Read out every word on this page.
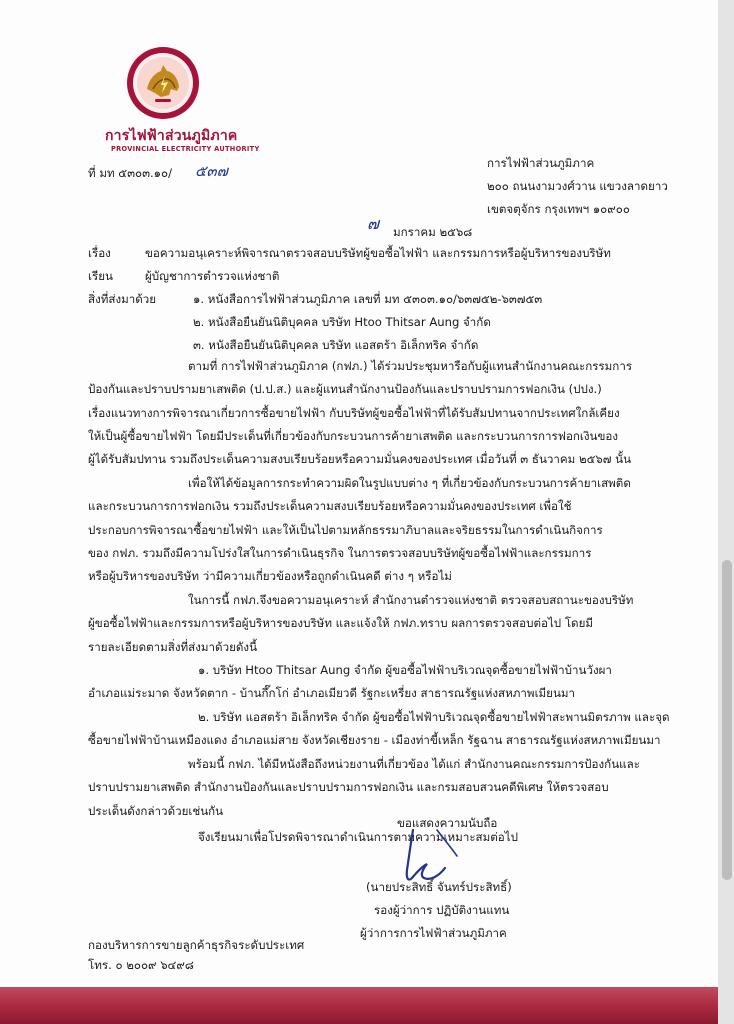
การไฟฟ้าส่วนภูมิภาค
PROVINCIAL ELECTRICITY AUTHORITY
ที่ มท ๕๓๐๓.๑๐/ ๕๓๗	การไฟฟ้าส่วนภูมิภาค
๒๐๐ ถนนงามวงศ์วาน แขวงลาดยาว
เขตจตุจักร กรุงเทพฯ ๑๐๙๐๐
๗ มกราคม ๒๕๖๘
เรื่อง	ขอความอนุเคราะห์พิจารณาตรวจสอบบริษัทผู้ขอซื้อไฟฟ้า และกรรมการหรือผู้บริหารของบริษัท
เรียน	ผู้บัญชาการตำรวจแห่งชาติ
สิ่งที่ส่งมาด้วย	๑. หนังสือการไฟฟ้าส่วนภูมิภาค เลขที่ มท ๕๓๐๓.๑๐/๖๓๗๕๒-๖๓๗๕๓
๒. หนังสือยืนยันนิติบุคคล บริษัท Htoo Thitsar Aung จำกัด
๓. หนังสือยืนยันนิติบุคคล บริษัท แอสตร้า อิเล็กทริค จำกัด
ตามที่ การไฟฟ้าส่วนภูมิภาค (กฟภ.) ได้ร่วมประชุมหารือกับผู้แทนสำนักงานคณะกรรมการ
ป้องกันและปราบปรามยาเสพติด (ป.ป.ส.) และผู้แทนสำนักงานป้องกันและปราบปรามการฟอกเงิน (ปปง.)
เรื่องแนวทางการพิจารณาเกี่ยวการซื้อขายไฟฟ้า กับบริษัทผู้ขอซื้อไฟฟ้าที่ได้รับสัมปทานจากประเทศใกล้เคียง
ให้เป็นผู้ซื้อขายไฟฟ้า โดยมีประเด็นที่เกี่ยวข้องกับกระบวนการค้ายาเสพติด และกระบวนการการฟอกเงินของ
ผู้ได้รับสัมปทาน รวมถึงประเด็นความสงบเรียบร้อยหรือความมั่นคงของประเทศ เมื่อวันที่ ๓ ธันวาคม ๒๕๖๗ นั้น
เพื่อให้ได้ข้อมูลการกระทำความผิดในรูปแบบต่าง ๆ ที่เกี่ยวข้องกับกระบวนการค้ายาเสพติด
และกระบวนการการฟอกเงิน รวมถึงประเด็นความสงบเรียบร้อยหรือความมั่นคงของประเทศ เพื่อใช้
ประกอบการพิจารณาซื้อขายไฟฟ้า และให้เป็นไปตามหลักธรรมาภิบาลและจริยธรรมในการดำเนินกิจการ
ของ กฟภ. รวมถึงมีความโปร่งใสในการดำเนินธุรกิจ ในการตรวจสอบบริษัทผู้ขอซื้อไฟฟ้าและกรรมการ
หรือผู้บริหารของบริษัท ว่ามีความเกี่ยวข้องหรือถูกดำเนินคดี ต่าง ๆ หรือไม่
ในการนี้ กฟภ.จึงขอความอนุเคราะห์ สำนักงานตำรวจแห่งชาติ ตรวจสอบสถานะของบริษัท
ผู้ขอซื้อไฟฟ้าและกรรมการหรือผู้บริหารของบริษัท และแจ้งให้ กฟภ.ทราบ ผลการตรวจสอบต่อไป โดยมี
รายละเอียดตามสิ่งที่ส่งมาด้วยดังนี้
๑. บริษัท Htoo Thitsar Aung จำกัด ผู้ขอซื้อไฟฟ้าบริเวณจุดซื้อขายไฟฟ้าบ้านวังผา
อำเภอแม่ระมาด จังหวัดตาก - บ้านกึ๊กโก่ อำเภอเมียวดี รัฐกะเหรี่ยง สาธารณรัฐแห่งสหภาพเมียนมา
๒. บริษัท แอสตร้า อิเล็กทริค จำกัด ผู้ขอซื้อไฟฟ้าบริเวณจุดซื้อขายไฟฟ้าสะพานมิตรภาพ และจุด
ซื้อขายไฟฟ้าบ้านเหมืองแดง อำเภอแม่สาย จังหวัดเชียงราย - เมืองท่าขี้เหล็ก รัฐฉาน สาธารณรัฐแห่งสหภาพเมียนมา
พร้อมนี้ กฟภ. ได้มีหนังสือถึงหน่วยงานที่เกี่ยวข้อง ได้แก่ สำนักงานคณะกรรมการป้องกันและ
ปราบปรามยาเสพติด สำนักงานป้องกันและปราบปรามการฟอกเงิน และกรมสอบสวนคดีพิเศษ ให้ตรวจสอบ
ประเด็นดังกล่าวด้วยเช่นกัน
จึงเรียนมาเพื่อโปรดพิจารณาดำเนินการตามความเหมาะสมต่อไป
ขอแสดงความนับถือ
(นายประสิทธิ์ จันทร์ประสิทธิ์)
รองผู้ว่าการ ปฏิบัติงานแทน
ผู้ว่าการการไฟฟ้าส่วนภูมิภาค
กองบริหารการขายลูกค้าธุรกิจระดับประเทศ
โทร. ๐ ๒๐๐๙ ๖๔๙๘
